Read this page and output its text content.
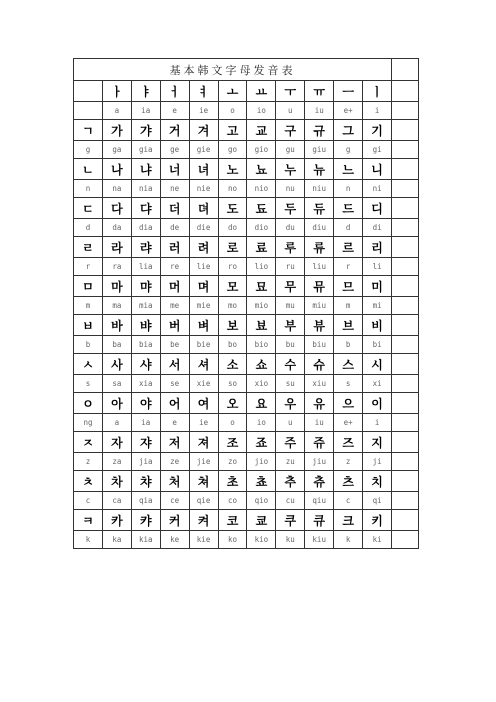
基本韩文字母发音表											
	ㅏ	ㅑ	ㅓ	ㅕ	ㅗ	ㅛ	ㅜ	ㅠ	ㅡ	ㅣ	
	a	ia	e	ie	o	io	u	iu	e+	i	
ㄱ	가	갸	거	겨	고	교	구	규	그	기	
g	ga	gia	ge	gie	go	gio	gu	giu	g	gi	
ㄴ	나	냐	너	녀	노	뇨	누	뉴	느	니	
n	na	nia	ne	nie	no	nio	nu	niu	n	ni	
ㄷ	다	댜	더	뎌	도	됴	두	듀	드	디	
d	da	dia	de	die	do	dio	du	diu	d	di	
ㄹ	라	랴	러	려	로	료	루	류	르	리	
r	ra	lia	re	lie	ro	lio	ru	liu	r	li	
ㅁ	마	먀	머	며	모	묘	무	뮤	므	미	
m	ma	mia	me	mie	mo	mio	mu	miu	m	mi	
ㅂ	바	뱌	버	벼	보	뵤	부	뷰	브	비	
b	ba	bia	be	bie	bo	bio	bu	biu	b	bi	
ㅅ	사	샤	서	셔	소	쇼	수	슈	스	시	
s	sa	xia	se	xie	so	xio	su	xiu	s	xi	
ㅇ	아	야	어	여	오	요	우	유	으	이	
ng	a	ia	e	ie	o	io	u	iu	e+	i	
ㅈ	자	쟈	저	져	조	죠	주	쥬	즈	지	
z	za	jia	ze	jie	zo	jio	zu	jiu	z	ji	
ㅊ	차	챠	처	쳐	초	쵸	추	츄	츠	치	
c	ca	qia	ce	qie	co	qio	cu	qiu	c	qi	
ㅋ	카	캬	커	켜	코	쿄	쿠	큐	크	키	
k	ka	kia	ke	kie	ko	kio	ku	kiu	k	ki	
